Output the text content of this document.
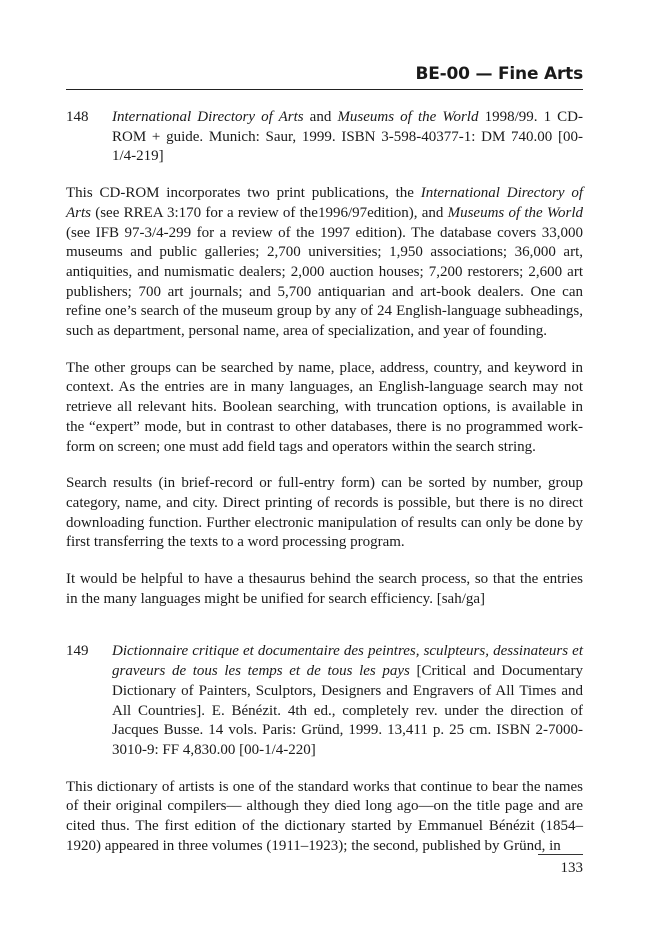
BE-00 — Fine Arts
148	International Directory of Arts and Museums of the World 1998/99. 1 CD-ROM + guide. Munich: Saur, 1999. ISBN 3-598-40377-1: DM 740.00 [00-1/4-219]

This CD-ROM incorporates two print publications, the International Directory of Arts (see RREA 3:170 for a review of the1996/97edition), and Museums of the World (see IFB 97-3/4-299 for a review of the 1997 edition). The database covers 33,000 museums and public galleries; 2,700 universities; 1,950 associations; 36,000 art, antiquities, and numismatic dealers; 2,000 auction houses; 7,200 restorers; 2,600 art publishers; 700 art journals; and 5,700 antiquarian and art-book dealers. One can refine one’s search of the museum group by any of 24 English-language subheadings, such as department, personal name, area of specialization, and year of founding.

The other groups can be searched by name, place, address, country, and keyword in context. As the entries are in many languages, an English-language search may not retrieve all relevant hits. Boolean searching, with truncation options, is available in the “expert” mode, but in contrast to other databases, there is no programmed work-form on screen; one must add field tags and operators within the search string.

Search results (in brief-record or full-entry form) can be sorted by number, group category, name, and city. Direct printing of records is possible, but there is no direct downloading function. Further electronic manipulation of results can only be done by first transferring the texts to a word processing program.

It would be helpful to have a thesaurus behind the search process, so that the entries in the many languages might be unified for search efficiency. [sah/ga]

149	Dictionnaire critique et documentaire des peintres, sculpteurs, dessinateurs et graveurs de tous les temps et de tous les pays [Critical and Documentary Dictionary of Painters, Sculptors, Designers and Engravers of All Times and All Countries]. E. Bénézit. 4th ed., completely rev. under the direction of Jacques Busse. 14 vols. Paris: Gründ, 1999. 13,411 p. 25 cm. ISBN 2-7000-3010-9: FF 4,830.00 [00-1/4-220]

This dictionary of artists is one of the standard works that continue to bear the names of their original compilers— although they died long ago—on the title page and are cited thus. The first edition of the dictionary started by Emmanuel Bénézit (1854–1920) appeared in three volumes (1911–1923); the second, published by Gründ, in

133
